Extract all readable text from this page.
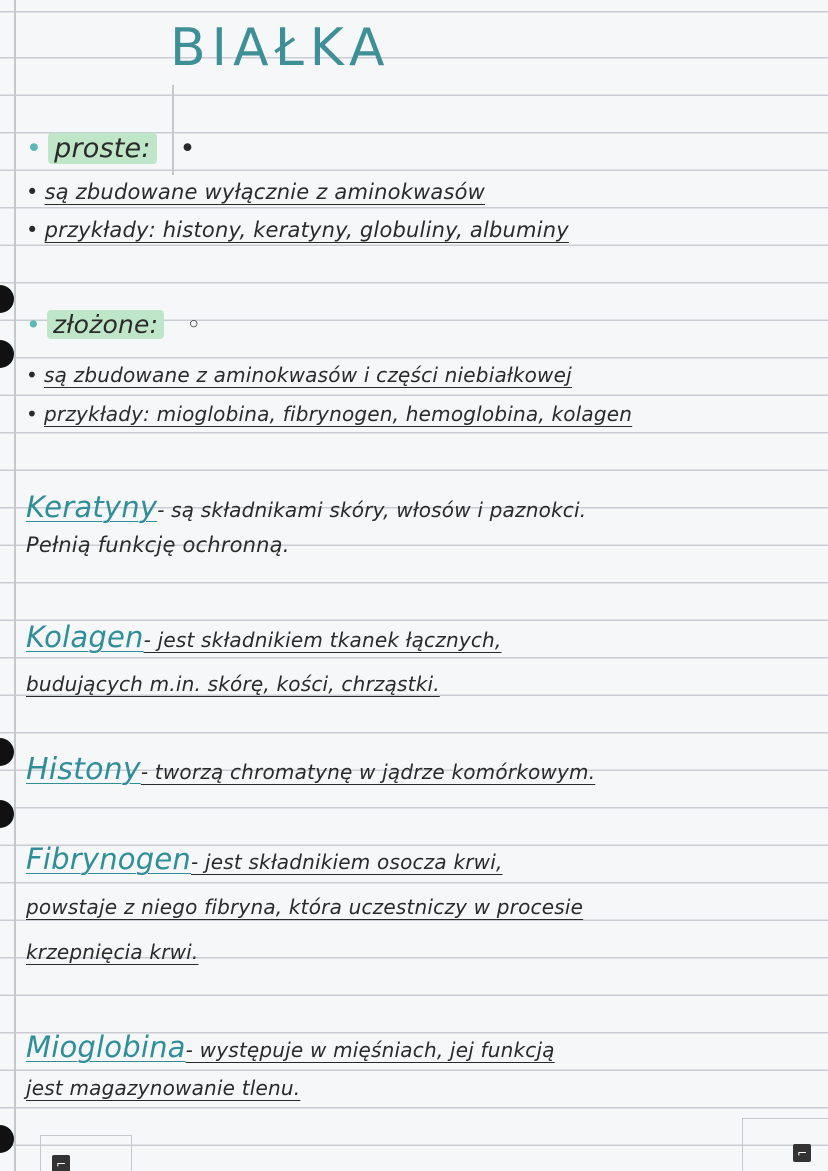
BIAŁKA
• proste: •
• są zbudowane wyłącznie z aminokwasów
• przykłady: histony, keratyny, globuliny, albuminy
• złożone: ◦
• są zbudowane z aminokwasów i części niebiałkowej
• przykłady: mioglobina, fibrynogen, hemoglobina, kolagen
Keratyny- są składnikami skóry, włosów i paznokci.
Pełnią funkcję ochronną.
Kolagen- jest składnikiem tkanek łącznych,
budujących m.in. skórę, kości, chrząstki.
Histony- tworzą chromatynę w jądrze komórkowym.
Fibrynogen- jest składnikiem osocza krwi,
powstaje z niego fibryna, która uczestniczy w procesie
krzepnięcia krwi.
Mioglobina- występuje w mięśniach, jej funkcją
jest magazynowanie tlenu.
⌐
⌐
